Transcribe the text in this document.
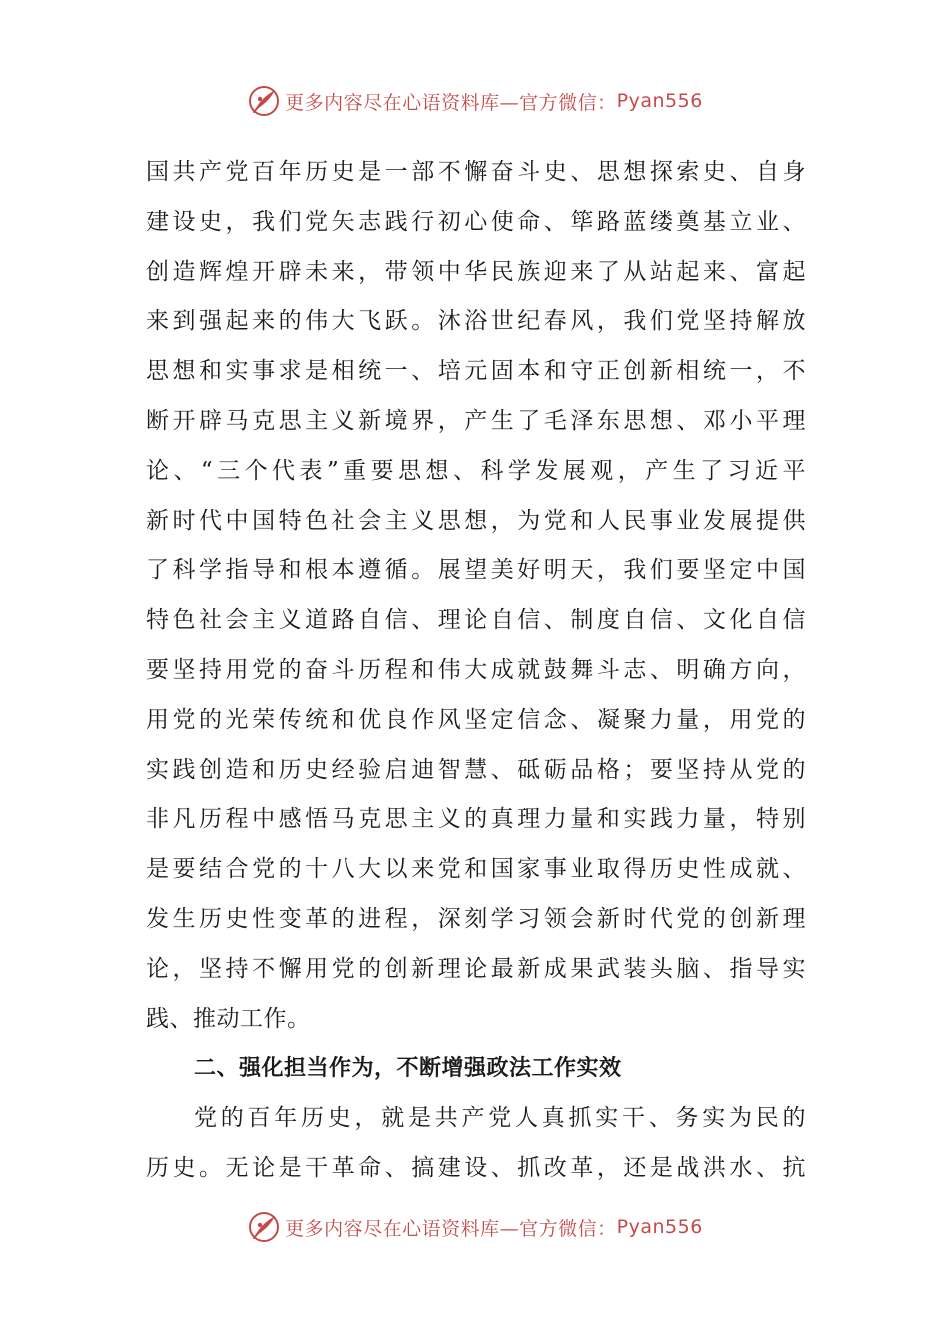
更多内容尽在心语资料库—官方微信： Pyan556
国共产党百年历史是一部不懈奋斗史、思想探索史、自身
建设史，我们党矢志践行初心使命、筚路蓝缕奠基立业、
创造辉煌开辟未来，带领中华民族迎来了从站起来、富起
来到强起来的伟大飞跃。沐浴世纪春风，我们党坚持解放
思想和实事求是相统一、培元固本和守正创新相统一，不
断开辟马克思主义新境界，产生了毛泽东思想、邓小平理
论、“三个代表”重要思想、科学发展观，产生了习近平
新时代中国特色社会主义思想，为党和人民事业发展提供
了科学指导和根本遵循。展望美好明天，我们要坚定中国
特色社会主义道路自信、理论自信、制度自信、文化自信
要坚持用党的奋斗历程和伟大成就鼓舞斗志、明确方向，
用党的光荣传统和优良作风坚定信念、凝聚力量，用党的
实践创造和历史经验启迪智慧、砥砺品格；要坚持从党的
非凡历程中感悟马克思主义的真理力量和实践力量，特别
是要结合党的十八大以来党和国家事业取得历史性成就、
发生历史性变革的进程，深刻学习领会新时代党的创新理
论，坚持不懈用党的创新理论最新成果武装头脑、指导实
践、推动工作。
二、强化担当作为，不断增强政法工作实效
党的百年历史，就是共产党人真抓实干、务实为民的
历史。无论是干革命、搞建设、抓改革，还是战洪水、抗
更多内容尽在心语资料库—官方微信： Pyan556
